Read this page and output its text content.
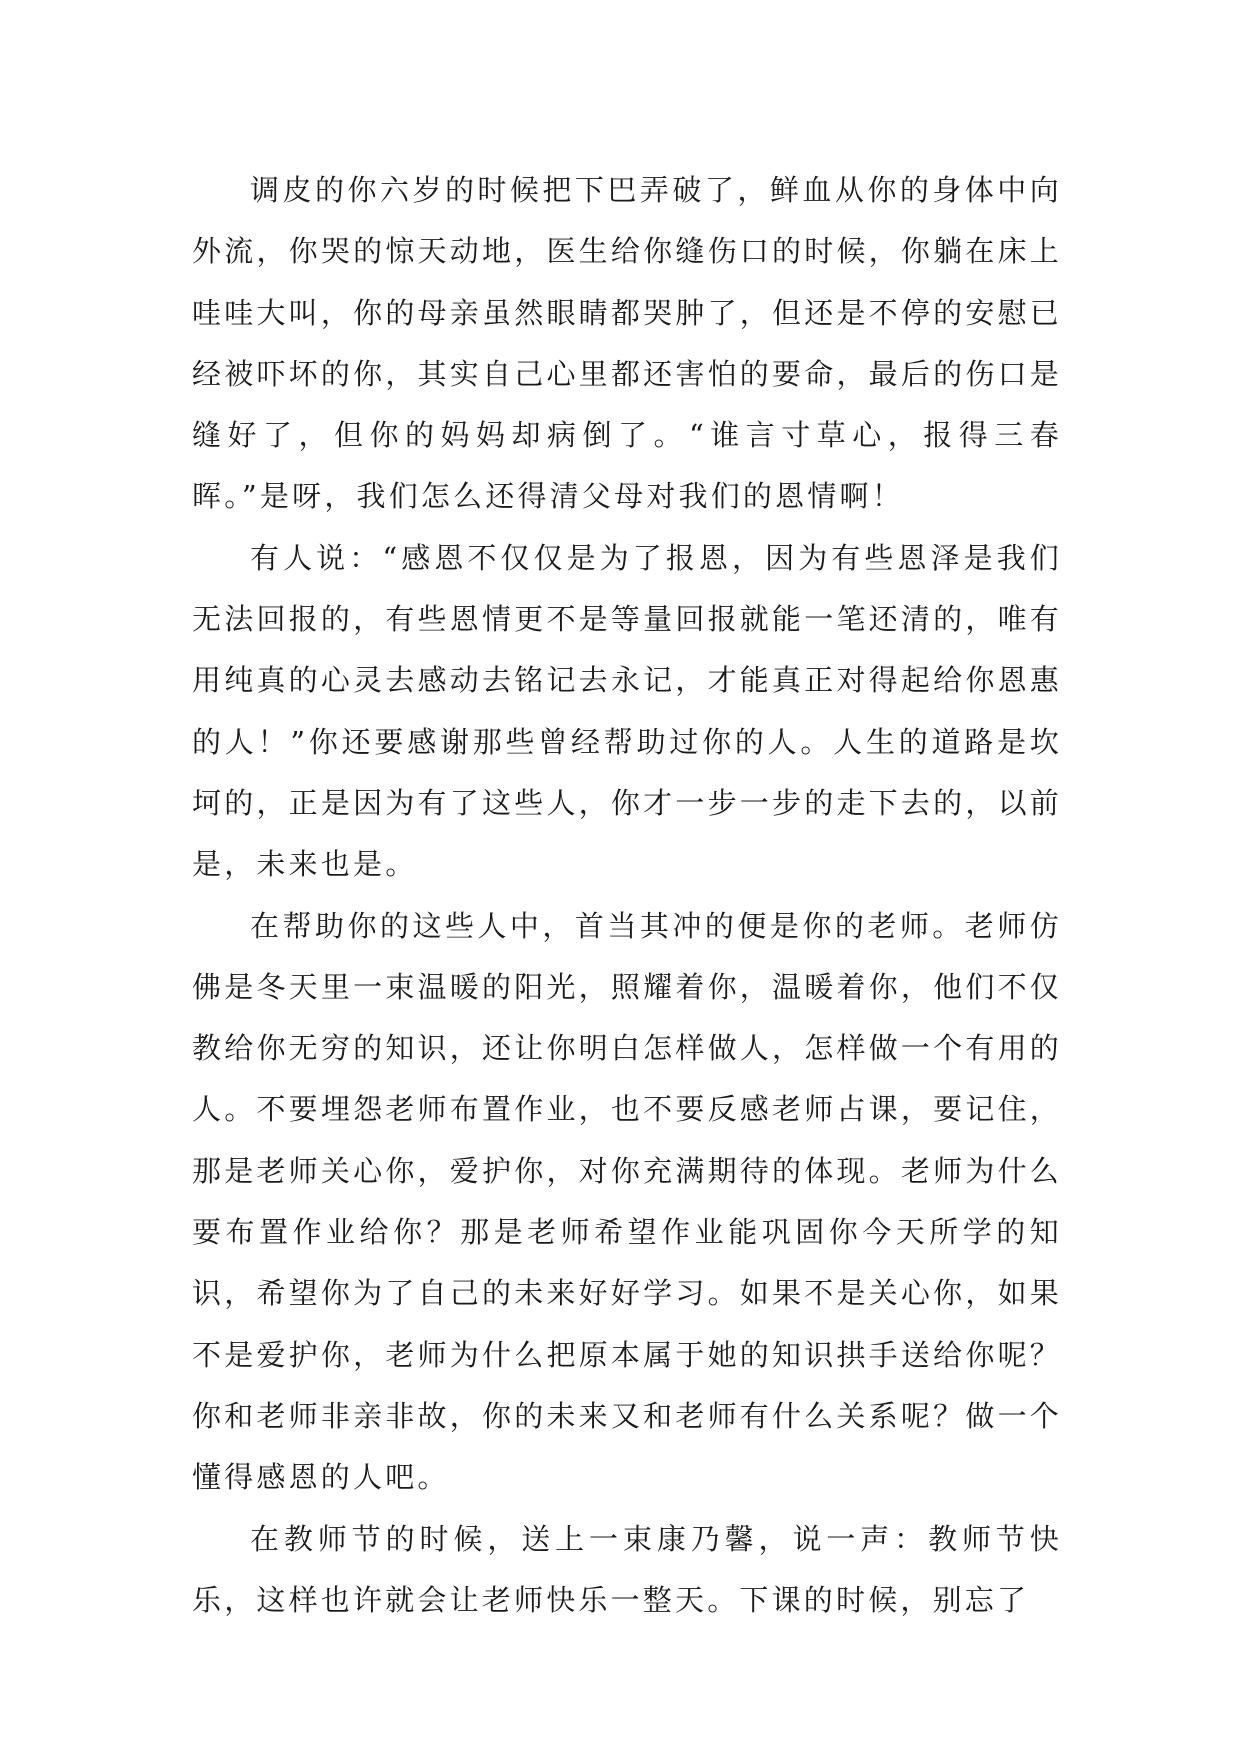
调皮的你六岁的时候把下巴弄破了，鲜血从你的身体中向外流，你哭的惊天动地，医生给你缝伤口的时候，你躺在床上哇哇大叫，你的母亲虽然眼睛都哭肿了，但还是不停的安慰已经被吓坏的你，其实自己心里都还害怕的要命，最后的伤口是缝好了，但你的妈妈却病倒了。“谁言寸草心，报得三春晖。”是呀，我们怎么还得清父母对我们的恩情啊！

有人说：“感恩不仅仅是为了报恩，因为有些恩泽是我们无法回报的，有些恩情更不是等量回报就能一笔还清的，唯有用纯真的心灵去感动去铭记去永记，才能真正对得起给你恩惠的人！”你还要感谢那些曾经帮助过你的人。人生的道路是坎坷的，正是因为有了这些人，你才一步一步的走下去的，以前是，未来也是。

在帮助你的这些人中，首当其冲的便是你的老师。老师仿佛是冬天里一束温暖的阳光，照耀着你，温暖着你，他们不仅教给你无穷的知识，还让你明白怎样做人，怎样做一个有用的人。不要埋怨老师布置作业，也不要反感老师占课，要记住，那是老师关心你，爱护你，对你充满期待的体现。老师为什么要布置作业给你？那是老师希望作业能巩固你今天所学的知识，希望你为了自己的未来好好学习。如果不是关心你，如果不是爱护你，老师为什么把原本属于她的知识拱手送给你呢？你和老师非亲非故，你的未来又和老师有什么关系呢？做一个懂得感恩的人吧。

在教师节的时候，送上一束康乃馨，说一声：教师节快乐，这样也许就会让老师快乐一整天。下课的时候，别忘了
